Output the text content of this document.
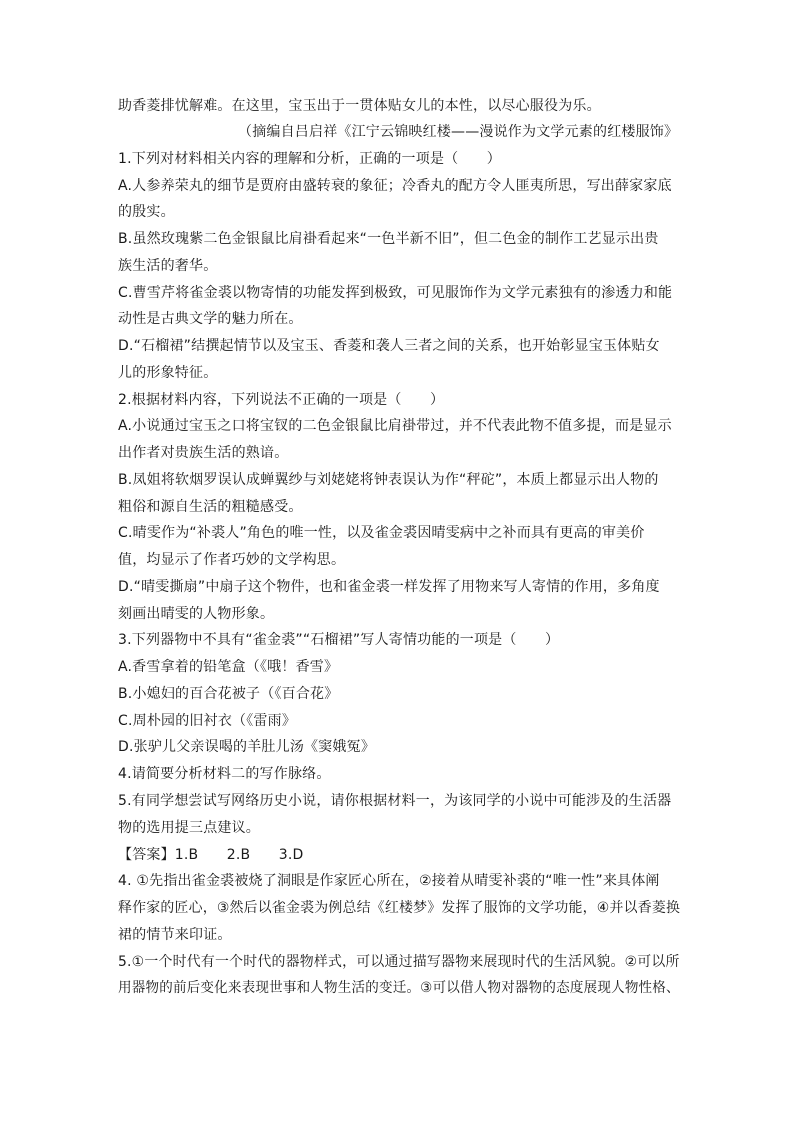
助香菱排忧解难。在这里，宝玉出于一贯体贴女儿的本性，以尽心服役为乐。
（摘编自吕启祥《江宁云锦映红楼——漫说作为文学元素的红楼服饰》
1.下列对材料相关内容的理解和分析，正确的一项是（　　）
A.人参养荣丸的细节是贾府由盛转衰的象征；冷香丸的配方令人匪夷所思，写出薛家家底
的殷实。
B.虽然玫瑰紫二色金银鼠比肩褂看起来“一色半新不旧”，但二色金的制作工艺显示出贵
族生活的奢华。
C.曹雪芹将雀金裘以物寄情的功能发挥到极致，可见服饰作为文学元素独有的渗透力和能
动性是古典文学的魅力所在。
D.“石榴裙”结撰起情节以及宝玉、香菱和袭人三者之间的关系，也开始彰显宝玉体贴女
儿的形象特征。
2.根据材料内容，下列说法不正确的一项是（　　）
A.小说通过宝玉之口将宝钗的二色金银鼠比肩褂带过，并不代表此物不值多提，而是显示
出作者对贵族生活的熟谙。
B.凤姐将软烟罗误认成蝉翼纱与刘姥姥将钟表误认为作“秤砣”，本质上都显示出人物的
粗俗和源自生活的粗糙感受。
C.晴雯作为“补裘人”角色的唯一性，以及雀金裘因晴雯病中之补而具有更高的审美价
值，均显示了作者巧妙的文学构思。
D.“晴雯撕扇”中扇子这个物件，也和雀金裘一样发挥了用物来写人寄情的作用，多角度
刻画出晴雯的人物形象。
3.下列器物中不具有“雀金裘”“石榴裙”写人寄情功能的一项是（　　）
A.香雪拿着的铅笔盒（《哦！香雪》
B.小媳妇的百合花被子（《百合花》
C.周朴园的旧衬衣（《雷雨》
D.张驴儿父亲误喝的羊肚儿汤《窦娥冤》
4.请简要分析材料二的写作脉络。
5.有同学想尝试写网络历史小说，请你根据材料一，为该同学的小说中可能涉及的生活器
物的选用提三点建议。
【答案】1.B　　2.B　　3.D
4. ①先指出雀金裘被烧了洞眼是作家匠心所在，②接着从晴雯补裘的“唯一性”来具体阐
释作家的匠心，③然后以雀金裘为例总结《红楼梦》发挥了服饰的文学功能，④并以香菱换
裙的情节来印证。
5.①一个时代有一个时代的器物样式，可以通过描写器物来展现时代的生活风貌。②可以所
用器物的前后变化来表现世事和人物生活的变迁。③可以借人物对器物的态度展现人物性格、
